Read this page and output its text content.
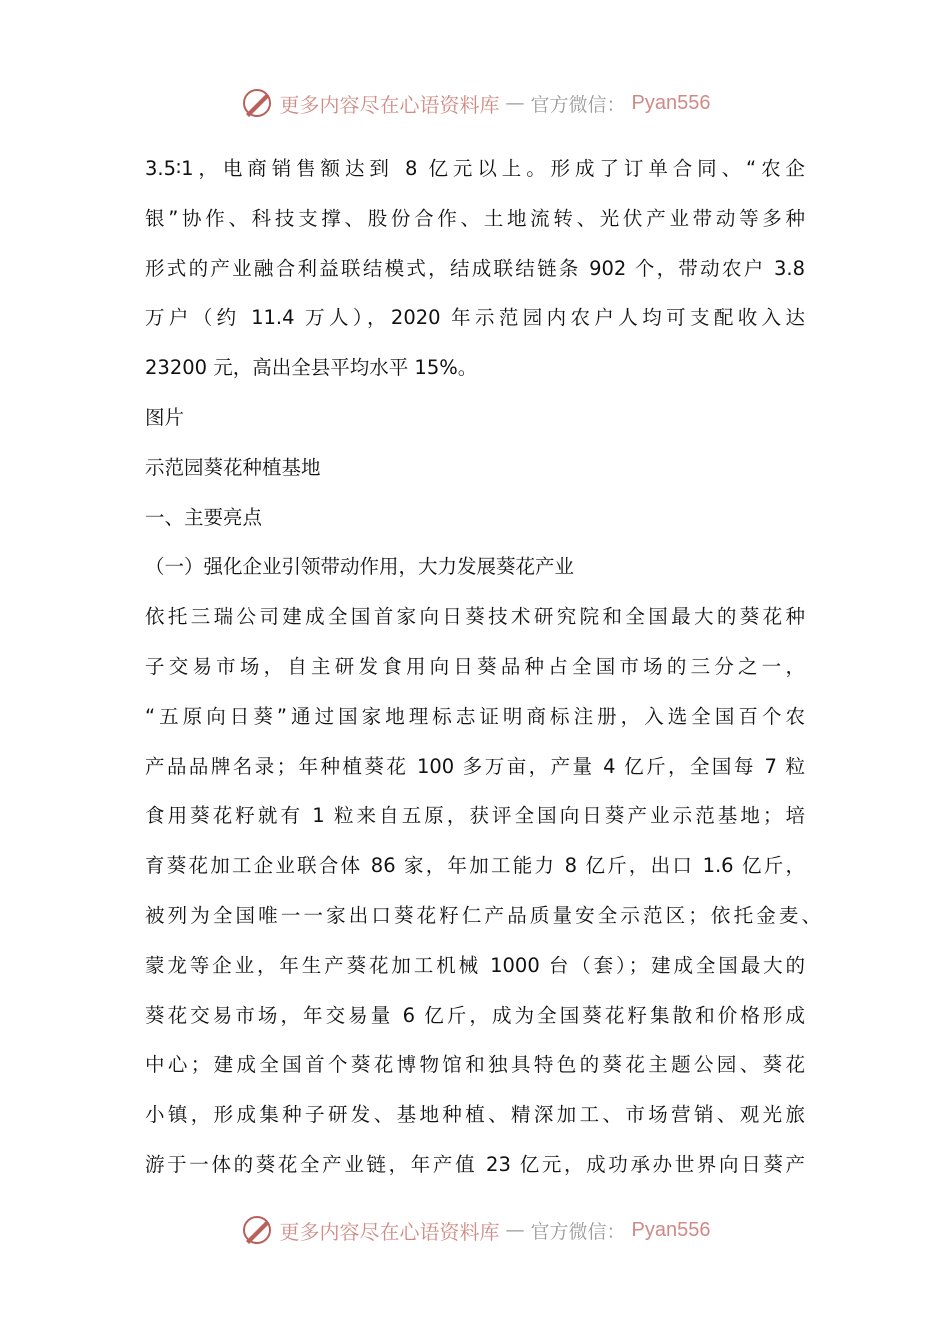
更多内容尽在心语资料库 — 官方微信： Pyan556
3.5∶1，电商销售额达到 8 亿元以上。形成了订单合同、“农企
银”协作、科技支撑、股份合作、土地流转、光伏产业带动等多种
形式的产业融合利益联结模式，结成联结链条 902 个，带动农户 3.8
万户（约 11.4 万人），2020 年示范园内农户人均可支配收入达
23200 元，高出全县平均水平 15%。
图片
示范园葵花种植基地
一、主要亮点
（一）强化企业引领带动作用，大力发展葵花产业
依托三瑞公司建成全国首家向日葵技术研究院和全国最大的葵花种
子交易市场，自主研发食用向日葵品种占全国市场的三分之一，
“五原向日葵”通过国家地理标志证明商标注册，入选全国百个农
产品品牌名录；年种植葵花 100 多万亩，产量 4 亿斤，全国每 7 粒
食用葵花籽就有 1 粒来自五原，获评全国向日葵产业示范基地；培
育葵花加工企业联合体 86 家，年加工能力 8 亿斤，出口 1.6 亿斤，
被列为全国唯一一家出口葵花籽仁产品质量安全示范区；依托金麦、
蒙龙等企业，年生产葵花加工机械 1000 台（套）；建成全国最大的
葵花交易市场，年交易量 6 亿斤，成为全国葵花籽集散和价格形成
中心；建成全国首个葵花博物馆和独具特色的葵花主题公园、葵花
小镇，形成集种子研发、基地种植、精深加工、市场营销、观光旅
游于一体的葵花全产业链，年产值 23 亿元，成功承办世界向日葵产
更多内容尽在心语资料库 — 官方微信： Pyan556
